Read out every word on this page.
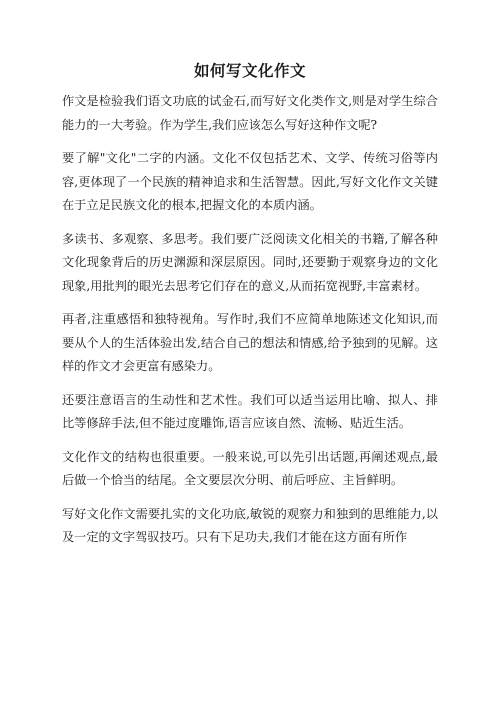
如何写文化作文

作文是检验我们语文功底的试金石,而写好文化类作文,则是对学生综合能力的一大考验。作为学生,我们应该怎么写好这种作文呢?

要了解"文化"二字的内涵。文化不仅包括艺术、文学、传统习俗等内容,更体现了一个民族的精神追求和生活智慧。因此,写好文化作文关键在于立足民族文化的根本,把握文化的本质内涵。

多读书、多观察、多思考。我们要广泛阅读文化相关的书籍,了解各种文化现象背后的历史渊源和深层原因。同时,还要勤于观察身边的文化现象,用批判的眼光去思考它们存在的意义,从而拓宽视野,丰富素材。

再者,注重感悟和独特视角。写作时,我们不应简单地陈述文化知识,而要从个人的生活体验出发,结合自己的想法和情感,给予独到的见解。这样的作文才会更富有感染力。

还要注意语言的生动性和艺术性。我们可以适当运用比喻、拟人、排比等修辞手法,但不能过度雕饰,语言应该自然、流畅、贴近生活。

文化作文的结构也很重要。一般来说,可以先引出话题,再阐述观点,最后做一个恰当的结尾。全文要层次分明、前后呼应、主旨鲜明。

写好文化作文需要扎实的文化功底,敏锐的观察力和独到的思维能力,以及一定的文字驾驭技巧。只有下足功夫,我们才能在这方面有所作
